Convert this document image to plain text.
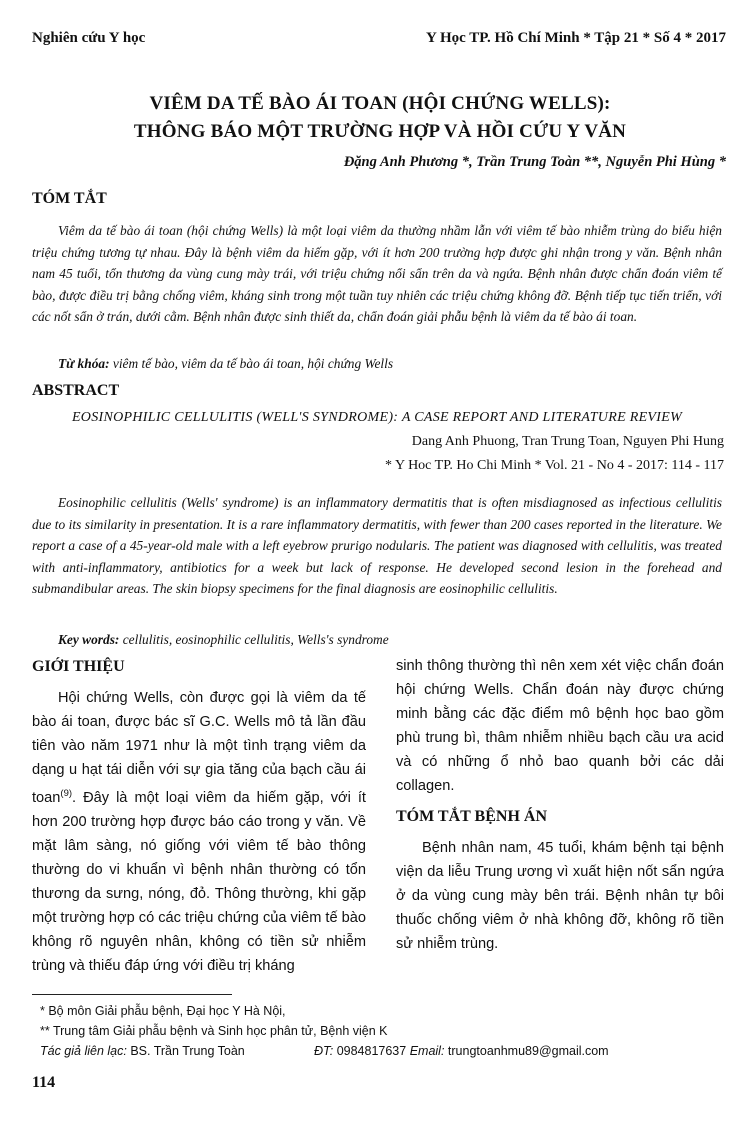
Nghiên cứu Y học	Y Học TP. Hồ Chí Minh * Tập 21 * Số 4 * 2017
VIÊM DA TẾ BÀO ÁI TOAN (HỘI CHỨNG WELLS):
THÔNG BÁO MỘT TRƯỜNG HỢP VÀ HỒI CỨU Y VĂN
Đặng Anh Phương *, Trần Trung Toàn **, Nguyễn Phi Hùng *
TÓM TẮT

Viêm da tế bào ái toan (hội chứng Wells) là một loại viêm da thường nhầm lẫn với viêm tế bào nhiễm trùng do biểu hiện triệu chứng tương tự nhau. Đây là bệnh viêm da hiếm gặp, với ít hơn 200 trường hợp được ghi nhận trong y văn. Bệnh nhân nam 45 tuổi, tổn thương da vùng cung mày trái, với triệu chứng nổi sẩn trên da và ngứa. Bệnh nhân được chẩn đoán viêm tế bào, được điều trị bằng chống viêm, kháng sinh trong một tuần tuy nhiên các triệu chứng không đỡ. Bệnh tiếp tục tiến triển, với các nốt sẩn ở trán, dưới cằm. Bệnh nhân được sinh thiết da, chẩn đoán giải phẫu bệnh là viêm da tế bào ái toan.

Từ khóa: viêm tế bào, viêm da tế bào ái toan, hội chứng Wells
ABSTRACT
EOSINOPHILIC CELLULITIS (WELL'S SYNDROME): A CASE REPORT AND LITERATURE REVIEW
Dang Anh Phuong, Tran Trung Toan, Nguyen Phi Hung
* Y Hoc TP. Ho Chi Minh * Vol. 21 - No 4 - 2017: 114 - 117

Eosinophilic cellulitis (Wells' syndrome) is an inflammatory dermatitis that is often misdiagnosed as infectious cellulitis due to its similarity in presentation. It is a rare inflammatory dermatitis, with fewer than 200 cases reported in the literature. We report a case of a 45-year-old male with a left eyebrow prurigo nodularis. The patient was diagnosed with cellulitis, was treated with anti-inflammatory, antibiotics for a week but lack of response. He developed second lesion in the forehead and submandibular areas. The skin biopsy specimens for the final diagnosis are eosinophilic cellulitis.

Key words: cellulitis, eosinophilic cellulitis, Wells's syndrome
GIỚI THIỆU

Hội chứng Wells, còn được gọi là viêm da tế bào ái toan, được bác sĩ G.C. Wells mô tả lần đầu tiên vào năm 1971 như là một tình trạng viêm da dạng u hạt tái diễn với sự gia tăng của bạch cầu ái toan$^{(9)}$. Đây là một loại viêm da hiếm gặp, với ít hơn 200 trường hợp được báo cáo trong y văn. Về mặt lâm sàng, nó giống với viêm tế bào thông thường do vi khuẩn vì bệnh nhân thường có tổn thương da sưng, nóng, đỏ. Thông thường, khi gặp một trường hợp có các triệu chứng của viêm tế bào không rõ nguyên nhân, không có tiền sử nhiễm trùng và thiếu đáp ứng với điều trị kháng

sinh thông thường thì nên xem xét việc chẩn đoán hội chứng Wells. Chẩn đoán này được chứng minh bằng các đặc điểm mô bệnh học bao gồm phù trung bì, thâm nhiễm nhiều bạch cầu ưa acid và có những ổ nhỏ bao quanh bởi các dải collagen.

TÓM TẮT BỆNH ÁN

Bệnh nhân nam, 45 tuổi, khám bệnh tại bệnh viện da liễu Trung ương vì xuất hiện nốt sẩn ngứa ở da vùng cung mày bên trái. Bệnh nhân tự bôi thuốc chống viêm ở nhà không đỡ, không rõ tiền sử nhiễm trùng.

* Bộ môn Giải phẫu bệnh, Đại học Y Hà Nội,
** Trung tâm Giải phẫu bệnh và Sinh học phân tử, Bệnh viện K
Tác giả liên lạc: BS. Trần Trung Toàn	ĐT: 0984817637 Email: trungtoanhmu89@gmail.com
114
